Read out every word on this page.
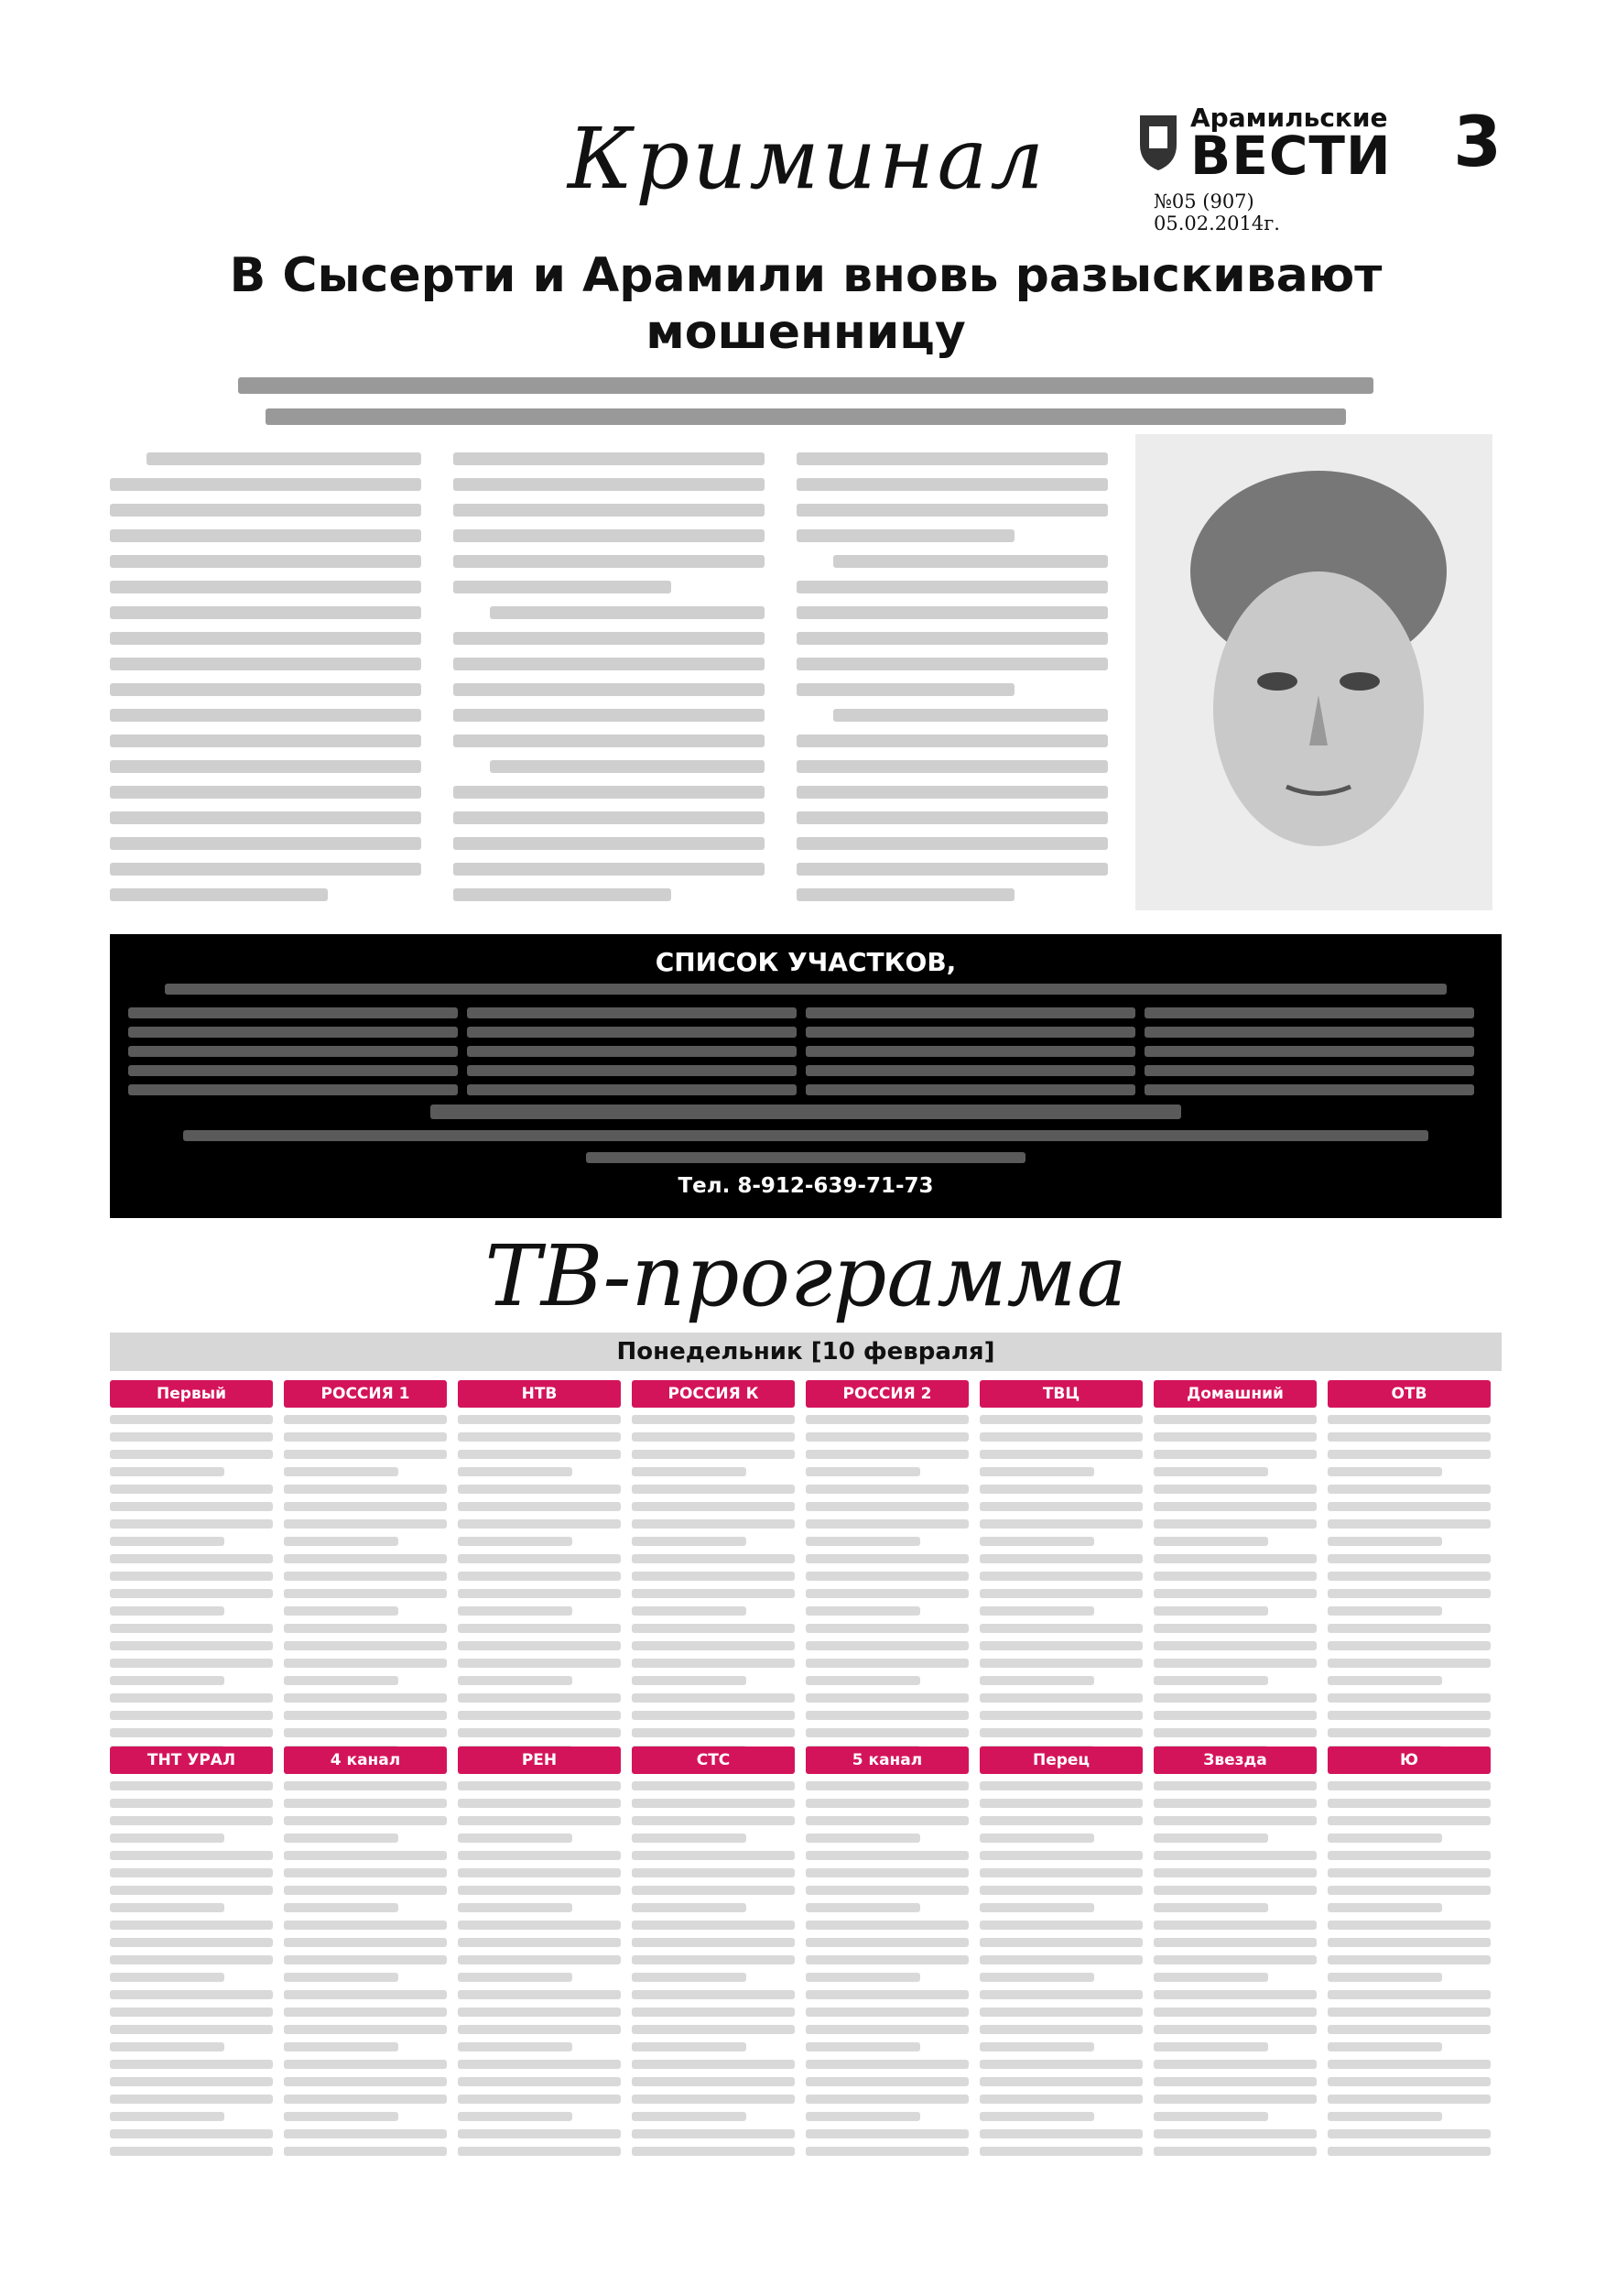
Криминал	Арамильские
ВЕСТИ
№05 (907) 05.02.2014г.
3
В Сысерти и Арамили вновь разыскивают мошенницу
СПИСОК УЧАСТКОВ,
Тел. 8-912-639-71-73
ТВ-программа
Понедельник [10 февраля]
Первый	РОССИЯ 1	НТВ	РОССИЯ К	РОССИЯ 2	ТВЦ	Домашний	ОТВ
ТНТ УРАЛ	4 канал	РЕН	СТС	5 канал	Перец	Звезда	Ю
